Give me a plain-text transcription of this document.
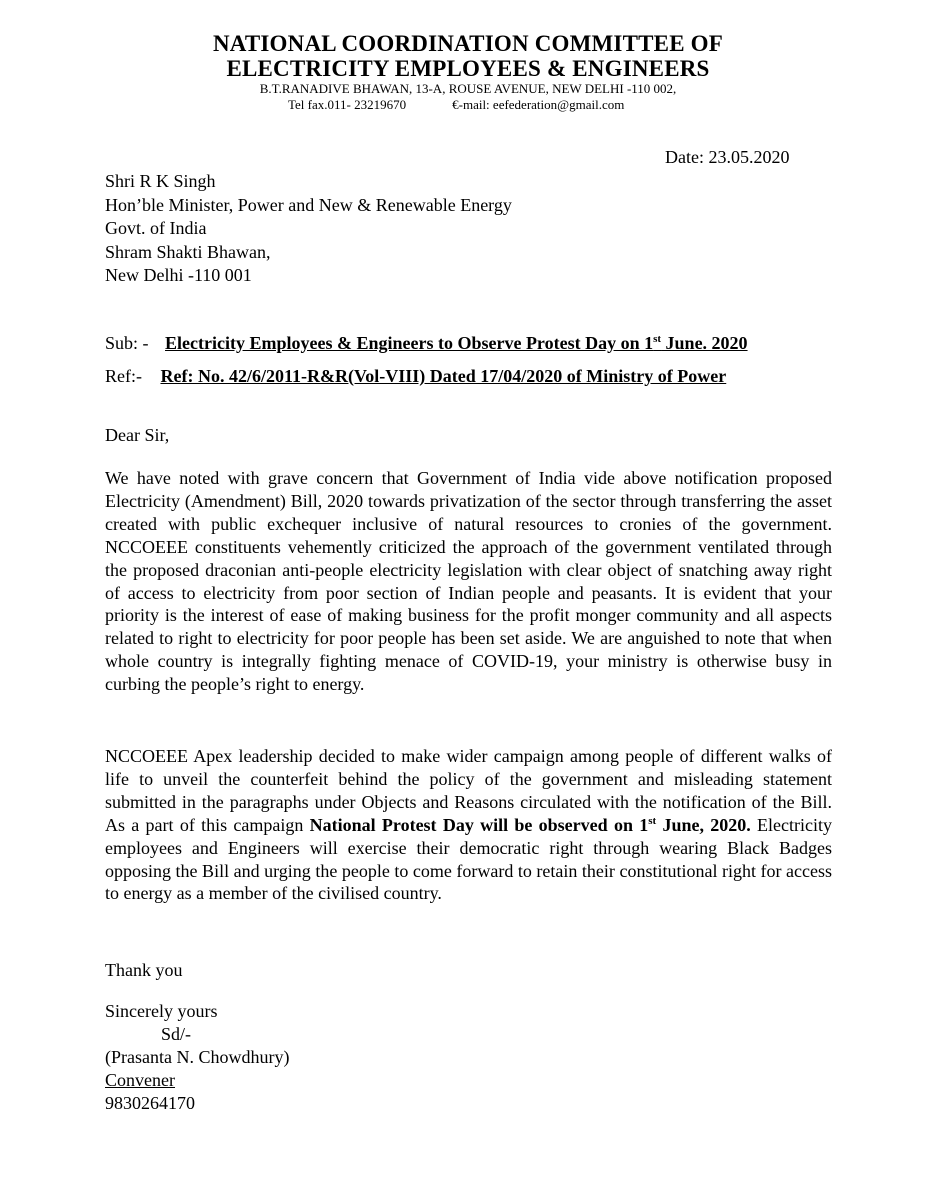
NATIONAL COORDINATION COMMITTEE OF
ELECTRICITY EMPLOYEES & ENGINEERS
B.T.RANADIVE BHAWAN, 13-A, ROUSE AVENUE, NEW DELHI -110 002,
Tel fax.011- 23219670	€-mail: eefederation@gmail.com
Date: 23.05.2020
Shri R K Singh
Hon’ble Minister, Power and New & Renewable Energy
Govt. of India
Shram Shakti Bhawan,
New Delhi -110 001
Sub: - Electricity Employees & Engineers to Observe Protest Day on 1st June. 2020
Ref:- Ref: No. 42/6/2011-R&R(Vol-VIII) Dated 17/04/2020 of Ministry of Power
Dear Sir,
We have noted with grave concern that Government of India vide above notification proposed Electricity (Amendment) Bill, 2020 towards privatization of the sector through transferring the asset created with public exchequer inclusive of natural resources to cronies of the government. NCCOEEE constituents vehemently criticized the approach of the government ventilated through the proposed draconian anti-people electricity legislation with clear object of snatching away right of access to electricity from poor section of Indian people and peasants. It is evident that your priority is the interest of ease of making business for the profit monger community and all aspects related to right to electricity for poor people has been set aside. We are anguished to note that when whole country is integrally fighting menace of COVID-19, your ministry is otherwise busy in curbing the people’s right to energy.
NCCOEEE Apex leadership decided to make wider campaign among people of different walks of life to unveil the counterfeit behind the policy of the government and misleading statement submitted in the paragraphs under Objects and Reasons circulated with the notification of the Bill. As a part of this campaign National Protest Day will be observed on 1st June, 2020. Electricity employees and Engineers will exercise their democratic right through wearing Black Badges opposing the Bill and urging the people to come forward to retain their constitutional right for access to energy as a member of the civilised country.
Thank you
Sincerely yours
Sd/-
(Prasanta N. Chowdhury)
Convener
9830264170
